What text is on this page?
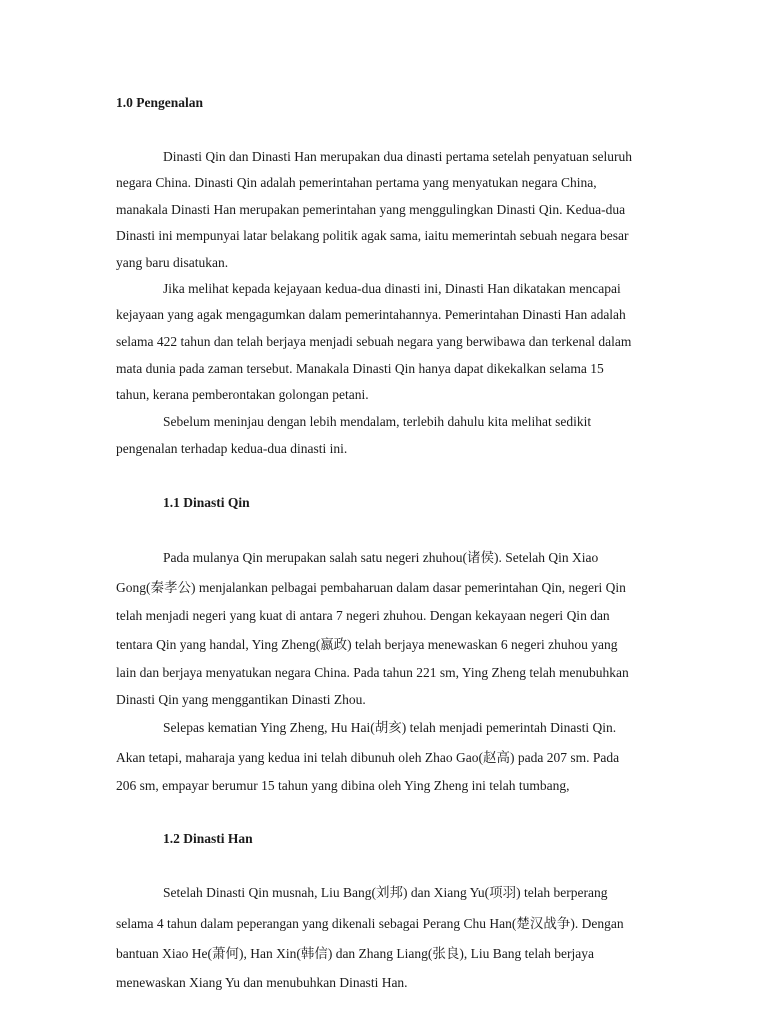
1.0 Pengenalan
Dinasti Qin dan Dinasti Han merupakan dua dinasti pertama setelah penyatuan seluruh
negara China. Dinasti Qin adalah pemerintahan pertama yang menyatukan negara China,
manakala Dinasti Han merupakan pemerintahan yang menggulingkan Dinasti Qin. Kedua-dua
Dinasti ini mempunyai latar belakang politik agak sama, iaitu memerintah sebuah negara besar
yang baru disatukan.
Jika melihat kepada kejayaan kedua-dua dinasti ini, Dinasti Han dikatakan mencapai
kejayaan yang agak mengagumkan dalam pemerintahannya. Pemerintahan Dinasti Han adalah
selama 422 tahun dan telah berjaya menjadi sebuah negara yang berwibawa dan terkenal dalam
mata dunia pada zaman tersebut. Manakala Dinasti Qin hanya dapat dikekalkan selama 15
tahun, kerana pemberontakan golongan petani.
Sebelum meninjau dengan lebih mendalam, terlebih dahulu kita melihat sedikit
pengenalan terhadap kedua-dua dinasti ini.
1.1 Dinasti Qin
Pada mulanya Qin merupakan salah satu negeri zhuhou(诸侯). Setelah Qin Xiao
Gong(秦孝公) menjalankan pelbagai pembaharuan dalam dasar pemerintahan Qin, negeri Qin
telah menjadi negeri yang kuat di antara 7 negeri zhuhou. Dengan kekayaan negeri Qin dan
tentara Qin yang handal, Ying Zheng(嬴政) telah berjaya menewaskan 6 negeri zhuhou yang
lain dan berjaya menyatukan negara China. Pada tahun 221 sm, Ying Zheng telah menubuhkan
Dinasti Qin yang menggantikan Dinasti Zhou.
Selepas kematian Ying Zheng, Hu Hai(胡亥) telah menjadi pemerintah Dinasti Qin.
Akan tetapi, maharaja yang kedua ini telah dibunuh oleh Zhao Gao(赵高) pada 207 sm. Pada
206 sm, empayar berumur 15 tahun yang dibina oleh Ying Zheng ini telah tumbang,
1.2 Dinasti Han
Setelah Dinasti Qin musnah, Liu Bang(刘邦) dan Xiang Yu(项羽) telah berperang
selama 4 tahun dalam peperangan yang dikenali sebagai Perang Chu Han(楚汉战争). Dengan
bantuan Xiao He(萧何), Han Xin(韩信) dan Zhang Liang(张良), Liu Bang telah berjaya
menewaskan Xiang Yu dan menubuhkan Dinasti Han.
